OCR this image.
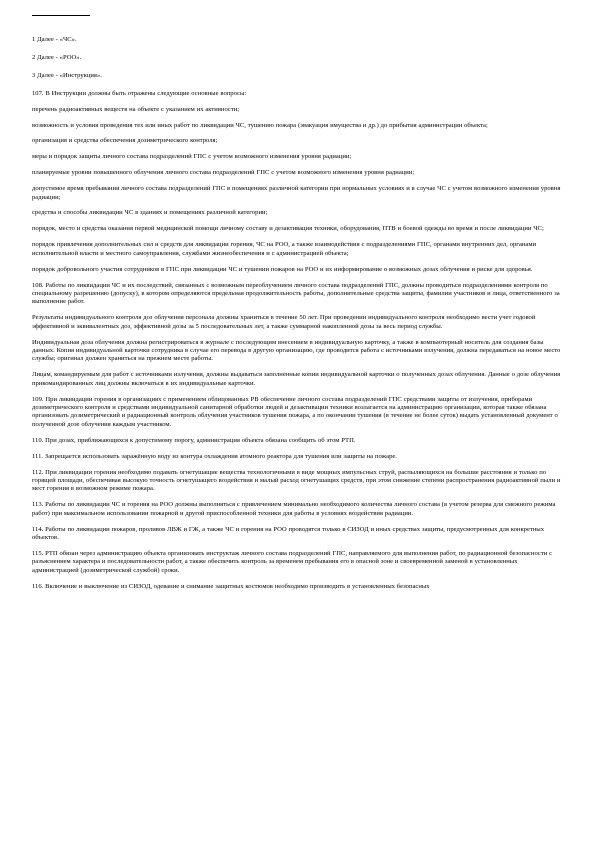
1 Далее - «ЧС».

2 Далее - «РОО».

3 Далее - «Инструкция».

107. В Инструкции должны быть отражены следующие основные вопросы:

перечень радиоактивных веществ на объекте с указанием их активности;

возможность и условия проведения тех или иных работ по ликвидации ЧС, тушению пожара (эвакуация имущества и др.) до прибытия администрации объекта;

организация и средства обеспечения дозиметрического контроля;

меры и порядок защиты личного состава подразделений ГПС с учетом возможного изменения уровня радиации;

планируемые уровни повышенного облучения личного состава подразделений ГПС с учетом возможного изменения уровня радиации;

допустимое время пребывания личного состава подразделений ГПС в помещениях различной категории при нормальных условиях и в случае ЧС с учетом возможного изменения уровня радиации;

средства и способы ликвидации ЧС в зданиях и помещениях различной категории;

порядок, место и средства оказания первой медицинской помощи личному составу и дезактивация техники, оборудования, ПТВ и боевой одежды во время и после ликвидации ЧС;

порядок привлечения дополнительных сил и средств для ликвидации горения, ЧС на РОО, а также взаимодействия с подразделениями ГПС, органами внутренних дел, органами исполнительной власти и местного самоуправления, службами жизнеобеспечения и с администрацией объекта;

порядок добровольного участия сотрудников в ГПС при ликвидации ЧС и тушении пожаров на РОО и их информирование о возможных дозах облучения и риске для здоровья.

108. Работы по ликвидации ЧС и их последствий, связанных с возможным переоблучением личного состава подразделений ГПС, должны проводиться подразделениями контроля по специальному разрешению (допуску), в котором определяются предельная продолжительность работы, дополнительные средства защиты, фамилии участников и лица, ответственного за выполнение работ.

Результаты индивидуального контроля доз облучения персонала должны храниться в течение 50 лет. При проведении индивидуального контроля необходимо вести учет годовой эффективной и эквивалентных доз, эффективной дозы за 5 последовательных лет, а также суммарной накопленной дозы за весь период службы.

Индивидуальная доза облучения должна регистрироваться в журнале с последующим внесением в индивидуальную карточку, а также в компьютерный носитель для создания базы данных. Копия индивидуальной карточки сотрудника в случае его перевода в другую организацию, где проводится работа с источниками излучения, должна передаваться на новое место службы; оригинал должен храниться на прежнем месте работы.

Лицам, командируемым для работ с источниками излучения, должны выдаваться заполненные копии индивидуальной карточки о полученных дозах облучения. Данные о дозе облучения прикомандированных лиц должны включаться в их индивидуальные карточки.

109. При ликвидации горения в организациях с применением облицованных РВ обеспечение личного состава подразделений ГПС средствами защиты от излучения, приборами дозиметрического контроля и средствами индивидуальной санитарной обработки людей и дезактивации техники возлагается на администрацию организации, которая также обязана организовать дозиметрический и радиационный контроль облучения участников тушения пожара, а по окончании тушения (в течение не более суток) выдать установленный документ о полученной дозе облучения каждым участником.

110. При дозах, приближающихся к допустимому порогу, администрация объекта обязана сообщить об этом РТП.

111. Запрещается использовать заражённую воду из контура охлаждения атомного реактора для тушения или защиты на пожаре.

112. При ликвидации горения необходимо подавать огнетушащие вещества технологичными в виде мощных импульсных струй, распыляющихся на большие расстояния и только по горящей площади, обеспечивая высокую точность огнетушащего воздействия и малый расход огнетушащих средств, при этом снижение степени распространения радиоактивной пыли и мест горения в возможном режиме пожара.

113. Работы по ликвидации ЧС и горения на РОО должны выполняться с привлечением минимально необходимого количества личного состава (в учетом резерва для смежного режима работ) при максимальном использовании пожарной и другой приспособленной техники для работы в условиях воздействия радиации.

114. Работы по ликвидации пожаров, проливов ЛВЖ и ГЖ, а также ЧС и горения на РОО проводятся только в СИЗОД и иных средствах защиты, предусмотренных для конкретных объектов.

115. РТП обязан через администрацию объекта организовать инструктаж личного состава подразделений ГПС, направляемого для выполнения работ, по радиационной безопасности с разъяснением характера и последовательности работ, а также обеспечить контроль за временем пребывания его в опасной зоне и своевременной заменой в установленных администрацией (дозиметрической службой) сроки.

116. Включение и выключение из СИЗОД, одевание и снимание защитных костюмов необходимо производить в установленных безопасных
